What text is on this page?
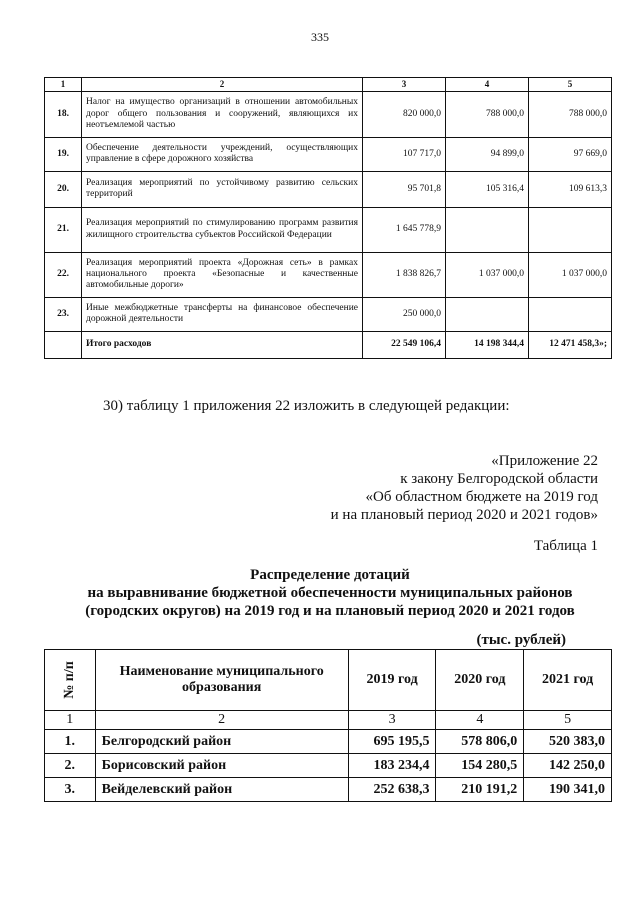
335
1	2	3	4	5
18.	Налог на имущество организаций в отношении автомобильных дорог общего пользования и сооружений, являющихся их неотъемлемой частью	820 000,0	788 000,0	788 000,0
19.	Обеспечение деятельности учреждений, осуществляющих управление в сфере дорожного хозяйства	107 717,0	94 899,0	97 669,0
20.	Реализация мероприятий по устойчивому развитию сельских территорий	95 701,8	105 316,4	109 613,3
21.	Реализация мероприятий по стимулированию программ развития жилищного строительства субъектов Российской Федерации	1 645 778,9		
22.	Реализация мероприятий проекта «Дорожная сеть» в рамках национального проекта «Безопасные и качественные автомобильные дороги»	1 838 826,7	1 037 000,0	1 037 000,0
23.	Иные межбюджетные трансферты на финансовое обеспечение дорожной деятельности	250 000,0		
	Итого расходов	22 549 106,4	14 198 344,4	12 471 458,3»;
30) таблицу 1 приложения 22 изложить в следующей редакции:
«Приложение 22
к закону Белгородской области
«Об областном бюджете на 2019 год
и на плановый период 2020 и 2021 годов»
Таблица 1
Распределение дотаций
на выравнивание бюджетной обеспеченности муниципальных районов
(городских округов) на 2019 год и на плановый период 2020 и 2021 годов
(тыс. рублей)
№ п/п	Наименование муниципального образования	2019 год	2020 год	2021 год
1	2	3	4	5
1.	Белгородский район	695 195,5	578 806,0	520 383,0
2.	Борисовский район	183 234,4	154 280,5	142 250,0
3.	Вейделевский район	252 638,3	210 191,2	190 341,0
